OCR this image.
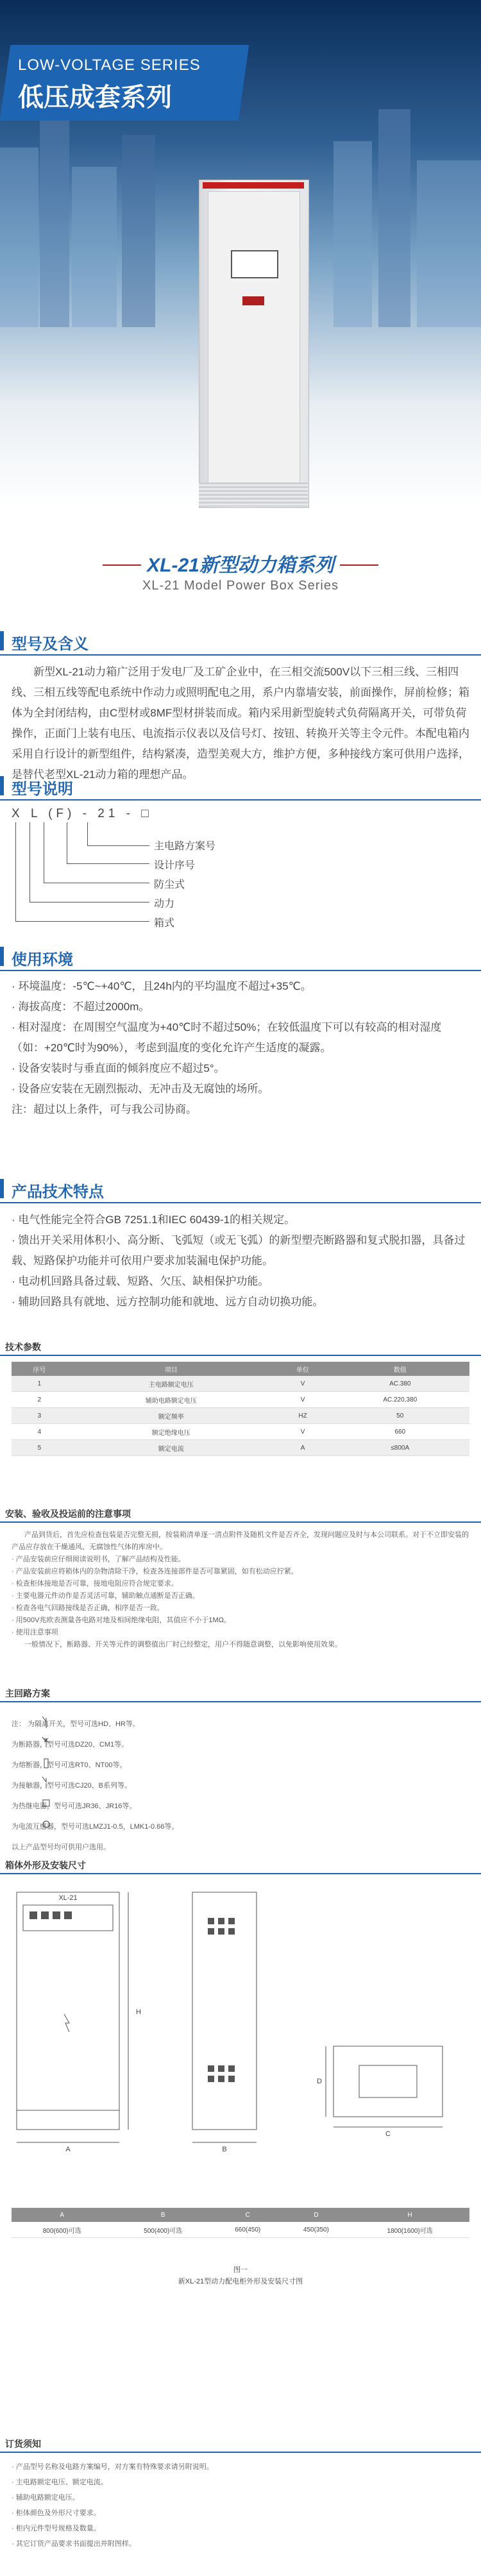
LOW-VOLTAGE SERIES
低压成套系列
XL-21新型动力箱系列
XL-21 Model Power Box Series
型号及含义
新型XL-21动力箱广泛用于发电厂及工矿企业中，在三相交流500V以下三相三线、三相四线、三相五线等配电系统中作动力或照明配电之用，系户内靠墙安装，前面操作，屏前检修；箱体为全封闭结构，由C型材或8MF型材拼装而成。箱内采用新型旋转式负荷隔离开关，可带负荷操作，正面门上装有电压、电流指示仪表以及信号灯、按钮、转换开关等主令元件。本配电箱内采用自行设计的新型组件，结构紧凑，造型美观大方，维护方便，多种接线方案可供用户选择，是替代老型XL-21动力箱的理想产品。
型号说明
X L (F) - 21 - □
主电路方案号
设计序号
防尘式
动力
箱式
使用环境

· 环境温度：-5℃~+40℃，且24h内的平均温度不超过+35℃。

· 海拔高度：不超过2000m。

· 相对湿度：在周围空气温度为+40℃时不超过50%；在较低温度下可以有较高的相对湿度（如：+20℃时为90%），考虑到温度的变化允许产生适度的凝露。

· 设备安装时与垂直面的倾斜度应不超过5°。

· 设备应安装在无剧烈振动、无冲击及无腐蚀的场所。

注：超过以上条件，可与我公司协商。

产品技术特点

· 电气性能完全符合GB 7251.1和IEC 60439-1的相关规定。

· 馈出开关采用体积小、高分断、飞弧短（或无飞弧）的新型塑壳断路器和复式脱扣器，具备过载、短路保护功能并可依用户要求加装漏电保护功能。

· 电动机回路具备过载、短路、欠压、缺相保护功能。

· 辅助回路具有就地、远方控制功能和就地、远方自动切换功能。

技术参数
序号	项目	单位	数值
1	主电路额定电压	V	AC.380
2	辅助电路额定电压	V	AC.220,380
3	额定频率	HZ	50
4	额定绝缘电压	V	660
5	额定电流	A	≤800A
安装、验收及投运前的注意事项

产品到货后，首先应检查包装是否完整无损，按装箱清单逐一清点附件及随机文件是否齐全，发现问题应及时与本公司联系。对于不立即安装的产品应存放在干燥通风、无腐蚀性气体的库房中。

· 产品安装前应仔细阅读说明书，了解产品结构及性能。

· 产品安装前应将箱体内的杂物清除干净，检查各连接部件是否可靠紧固，如有松动应拧紧。

· 检查柜体接地是否可靠，接地电阻应符合规定要求。

· 主要电器元件动作是否灵活可靠，辅助触点通断是否正确。

· 检查各电气回路接线是否正确，相序是否一致。

· 用500V兆欧表测量各电路对地及相间绝缘电阻，其值应不小于1MΩ。

· 使用注意事项

一般情况下，断路器、开关等元件的调整值出厂时已经整定，用户不得随意调整，以免影响使用效果。

主回路方案

注： 为隔离开关，型号可选HD、HR等。

为断路器，型号可选DZ20、CM1等。

为熔断器，型号可选RT0、NT00等。

为接触器，型号可选CJ20、B系列等。

为热继电器，型号可选JR36、JR16等。

为电流互感器，型号可选LMZJ1-0.5，LMK1-0.66等。

以上产品型号均可供用户选用。

箱体外形及安装尺寸
XL-21
A
H
B
D
C
A	B	C	D	H
800(600)可选	500(400)可选	660(450)	450(350)	1800(1600)可选
图一
新XL-21型动力配电柜外形及安装尺寸图
订货须知

· 产品型号名称及电路方案编号，对方案有特殊要求请另附说明。

· 主电路额定电压、额定电流。

· 辅助电路额定电压。

· 柜体颜色及外形尺寸要求。

· 柜内元件型号规格及数量。

· 其它订货产品要求书面提出并附图样。
